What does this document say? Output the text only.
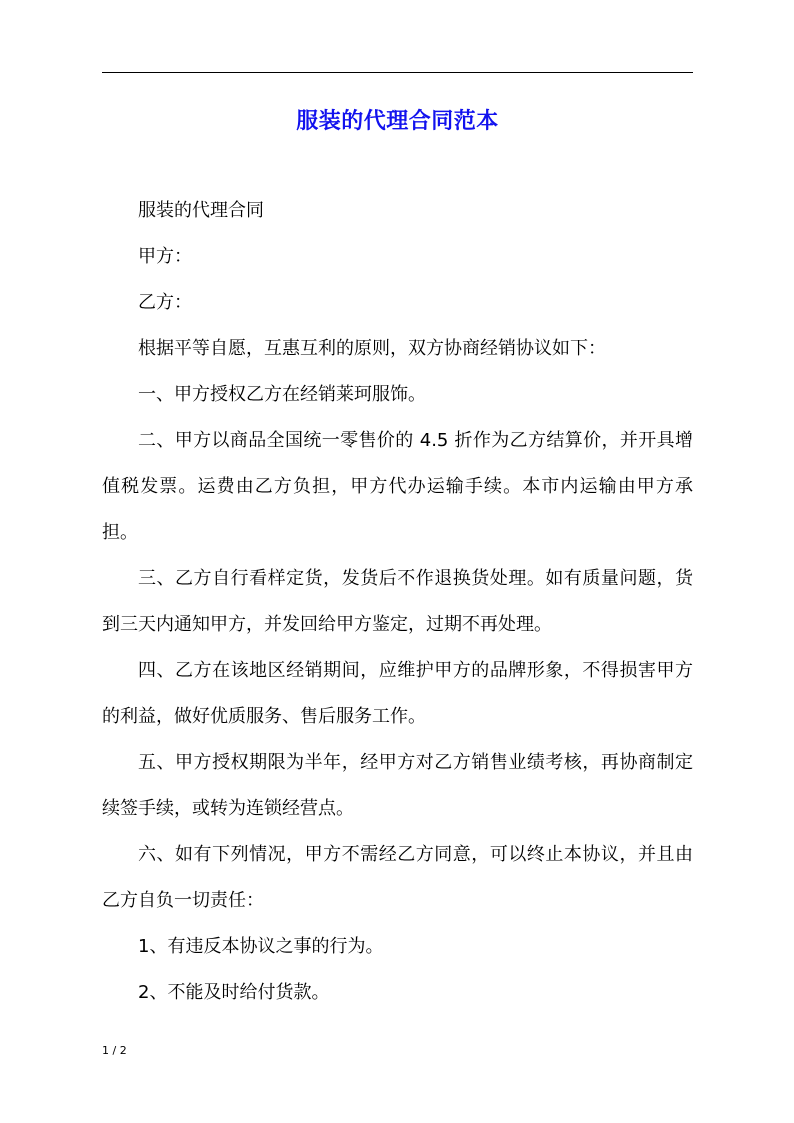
服装的代理合同范本

服装的代理合同

甲方：

乙方：

根据平等自愿，互惠互利的原则，双方协商经销协议如下：

一、甲方授权乙方在经销莱珂服饰。

二、甲方以商品全国统一零售价的 4.5 折作为乙方结算价，并开具增值税发票。运费由乙方负担，甲方代办运输手续。本市内运输由甲方承担。

三、乙方自行看样定货，发货后不作退换货处理。如有质量问题，货到三天内通知甲方，并发回给甲方鉴定，过期不再处理。

四、乙方在该地区经销期间，应维护甲方的品牌形象，不得损害甲方的利益，做好优质服务、售后服务工作。

五、甲方授权期限为半年，经甲方对乙方销售业绩考核，再协商制定续签手续，或转为连锁经营点。

六、如有下列情况，甲方不需经乙方同意，可以终止本协议，并且由乙方自负一切责任：

1、有违反本协议之事的行为。

2、不能及时给付货款。

1 / 2
